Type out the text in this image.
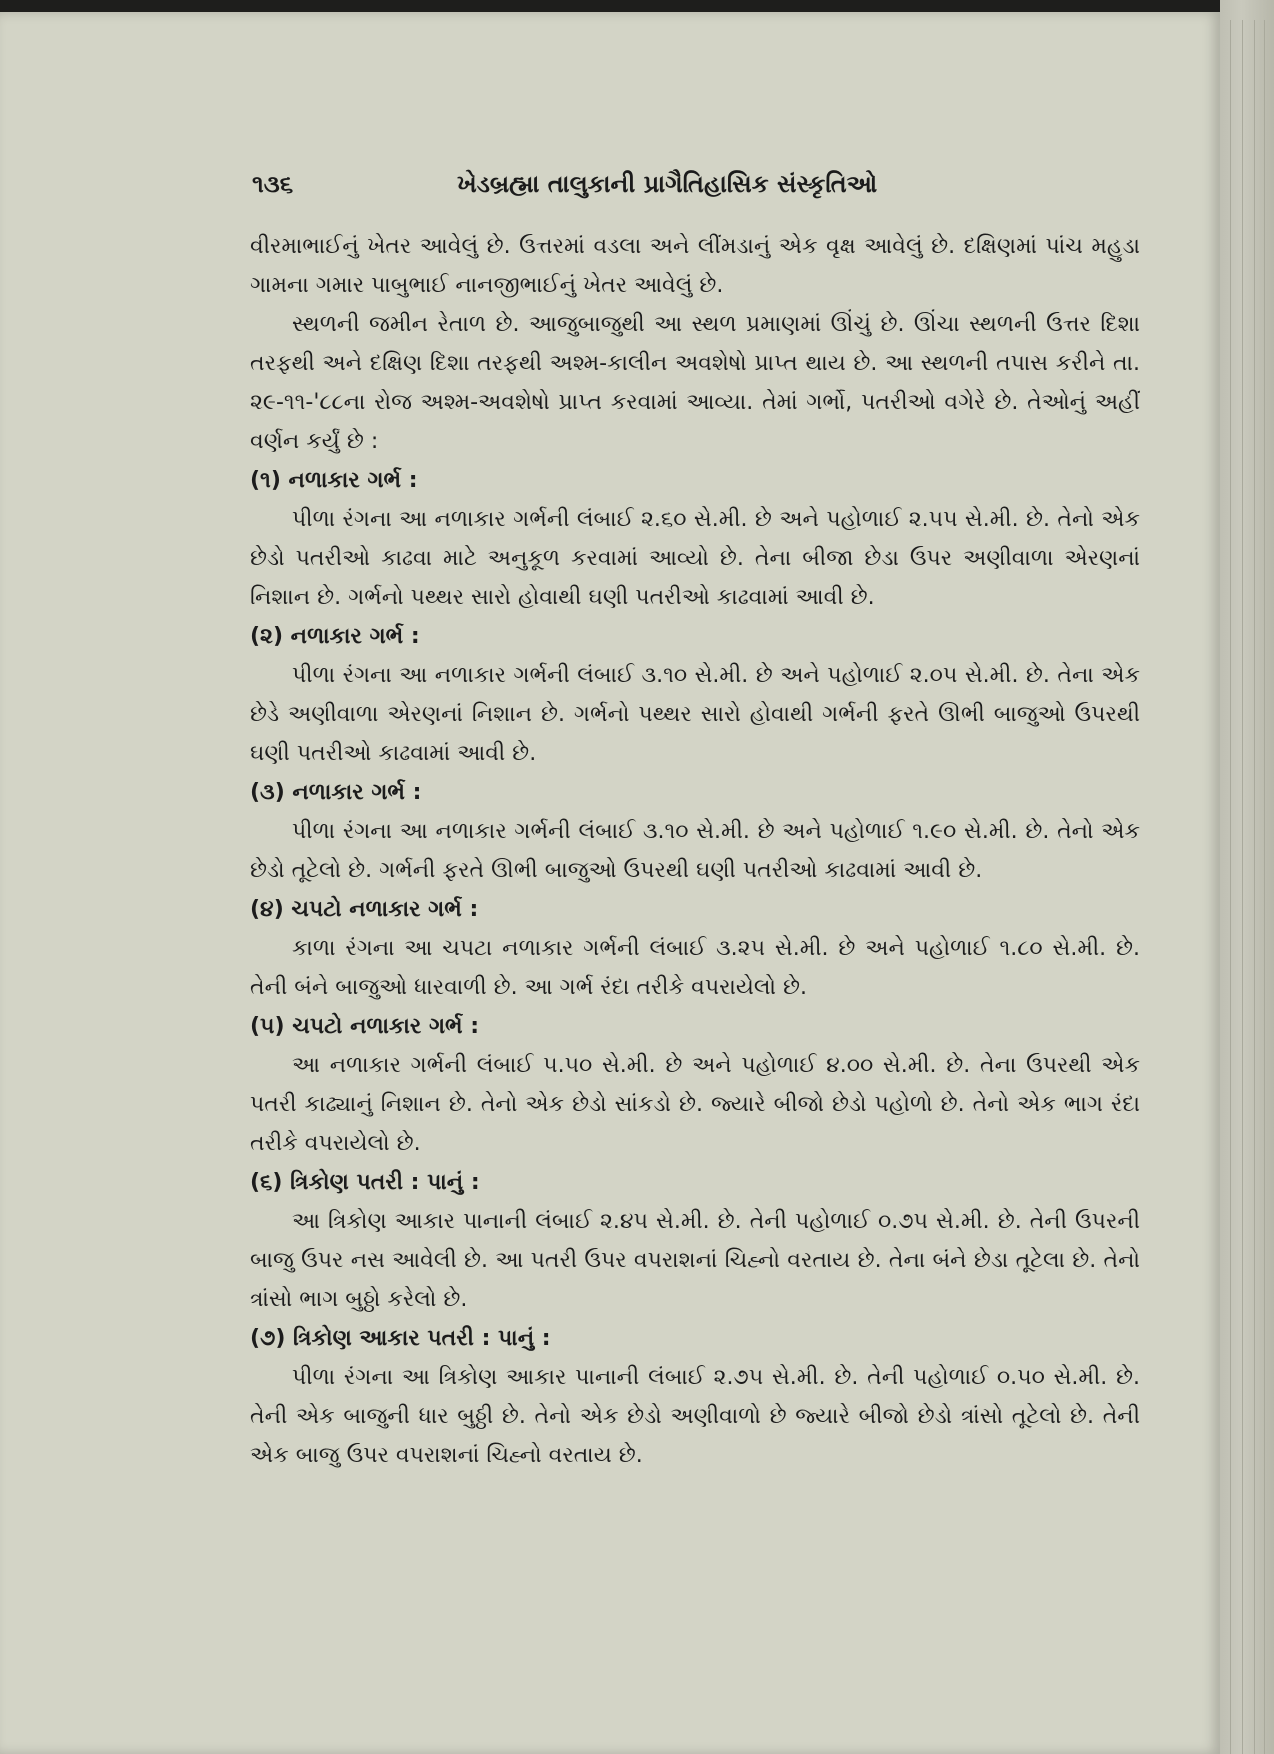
૧૩૬	ખેડબ્રહ્મા તાલુકાની પ્રાગૈતિહાસિક સંસ્કૃતિઓ

વીરમાભાઈનું ખેતર આવેલું છે. ઉત્તરમાં વડલા અને લીંમડાનું એક વૃક્ષ આવેલું છે. દક્ષિણમાં પાંચ મહુડા ગામના ગમાર પાબુભાઈ નાનજીભાઈનું ખેતર આવેલું છે.

સ્થળની જમીન રેતાળ છે. આજુબાજુથી આ સ્થળ પ્રમાણમાં ઊંચું છે. ઊંચા સ્થળની ઉત્તર દિશા તરફથી અને દક્ષિણ દિશા તરફથી અશ્મ-કાલીન અવશેષો પ્રાપ્ત થાય છે. આ સ્થળની તપાસ કરીને તા. ૨૯-૧૧-'૮૮ના રોજ અશ્મ-અવશેષો પ્રાપ્ત કરવામાં આવ્યા. તેમાં ગર્ભો, પતરીઓ વગેરે છે. તેઓનું અહીં વર્ણન કર્યું છે :

(૧) નળાકાર ગર્ભ :

પીળા રંગના આ નળાકાર ગર્ભની લંબાઈ ૨.૬૦ સે.મી. છે અને પહોળાઈ ૨.૫૫ સે.મી. છે. તેનો એક છેડો પતરીઓ કાઢવા માટે અનુકૂળ કરવામાં આવ્યો છે. તેના બીજા છેડા ઉપર અણીવાળા એરણનાં નિશાન છે. ગર્ભનો પથ્થર સારો હોવાથી ઘણી પતરીઓ કાઢવામાં આવી છે.

(૨) નળાકાર ગર્ભ :

પીળા રંગના આ નળાકાર ગર્ભની લંબાઈ ૩.૧૦ સે.મી. છે અને પહોળાઈ ૨.૦૫ સે.મી. છે. તેના એક છેડે અણીવાળા એરણનાં નિશાન છે. ગર્ભનો પથ્થર સારો હોવાથી ગર્ભની ફરતે ઊભી બાજુઓ ઉપરથી ઘણી પતરીઓ કાઢવામાં આવી છે.

(૩) નળાકાર ગર્ભ :

પીળા રંગના આ નળાકાર ગર્ભની લંબાઈ ૩.૧૦ સે.મી. છે અને પહોળાઈ ૧.૯૦ સે.મી. છે. તેનો એક છેડો તૂટેલો છે. ગર્ભની ફરતે ઊભી બાજુઓ ઉપરથી ઘણી પતરીઓ કાઢવામાં આવી છે.

(૪) ચપટો નળાકાર ગર્ભ :

કાળા રંગના આ ચપટા નળાકાર ગર્ભની લંબાઈ ૩.૨૫ સે.મી. છે અને પહોળાઈ ૧.૮૦ સે.મી. છે. તેની બંને બાજુઓ ધારવાળી છે. આ ગર્ભ રંદા તરીકે વપરાયેલો છે.

(૫) ચપટો નળાકાર ગર્ભ :

આ નળાકાર ગર્ભની લંબાઈ ૫.૫૦ સે.મી. છે અને પહોળાઈ ૪.૦૦ સે.મી. છે. તેના ઉપરથી એક પતરી કાઢ્યાનું નિશાન છે. તેનો એક છેડો સાંકડો છે. જ્યારે બીજો છેડો પહોળો છે. તેનો એક ભાગ રંદા તરીકે વપરાયેલો છે.

(૬) ત્રિકોણ પતરી : પાનું :

આ ત્રિકોણ આકાર પાનાની લંબાઈ ૨.૪૫ સે.મી. છે. તેની પહોળાઈ ૦.૭૫ સે.મી. છે. તેની ઉપરની બાજુ ઉપર નસ આવેલી છે. આ પતરી ઉપર વપરાશનાં ચિહ્નો વરતાય છે. તેના બંને છેડા તૂટેલા છે. તેનો ત્રાંસો ભાગ બુઠ્ઠો કરેલો છે.

(૭) ત્રિકોણ આકાર પતરી : પાનું :

પીળા રંગના આ ત્રિકોણ આકાર પાનાની લંબાઈ ૨.૭૫ સે.મી. છે. તેની પહોળાઈ ૦.૫૦ સે.મી. છે. તેની એક બાજુની ધાર બુઠ્ઠી છે. તેનો એક છેડો અણીવાળો છે જ્યારે બીજો છેડો ત્રાંસો તૂટેલો છે. તેની એક બાજુ ઉપર વપરાશનાં ચિહ્નો વરતાય છે.
